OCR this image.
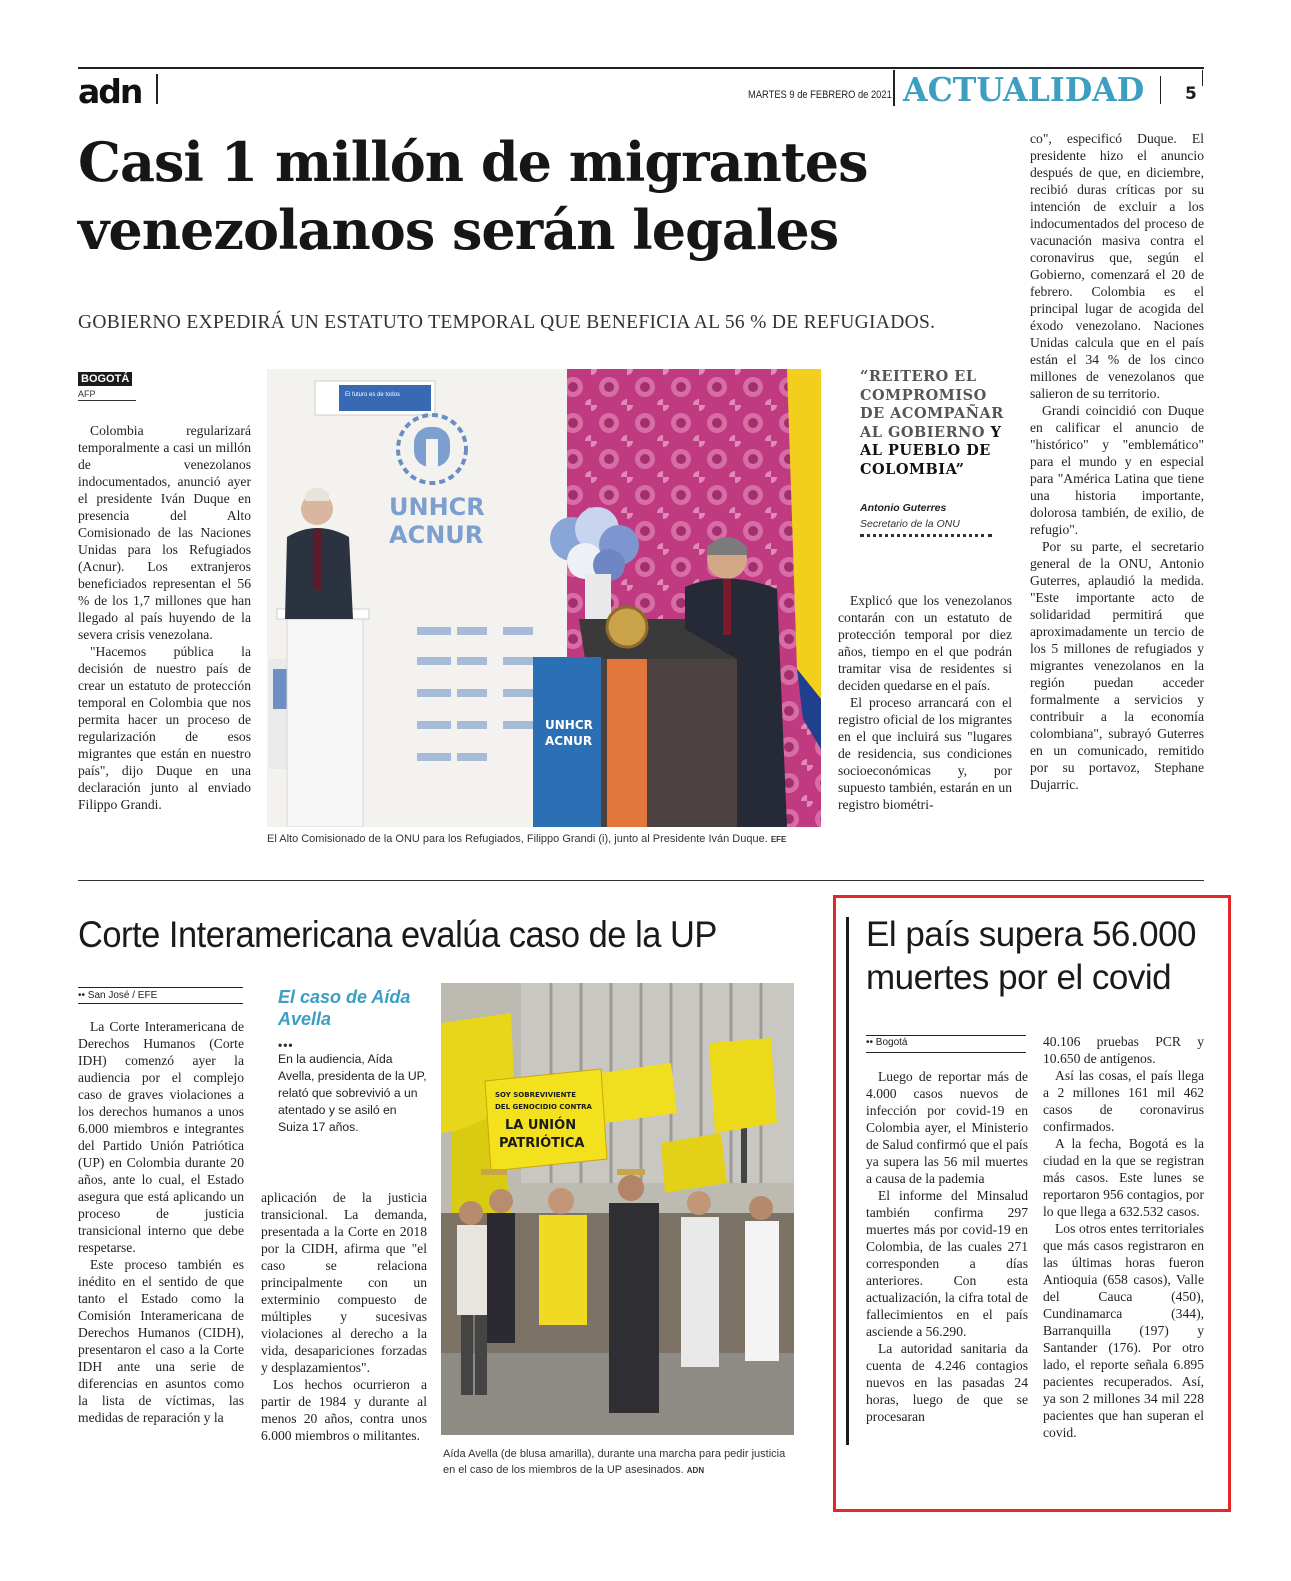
adn	MARTES 9 de FEBRERO de 2021 ACTUALIDAD 5
Casi 1 millón de migrantes
venezolanos serán legales
GOBIERNO EXPEDIRÁ UN ESTATUTO TEMPORAL QUE BENEFICIA AL 56 % DE REFUGIADOS.
BOGOTÁ
AFP

Colombia regularizará temporalmente a casi un millón de venezolanos indocumentados, anunció ayer el presidente Iván Duque en presencia del Alto Comisionado de las Naciones Unidas para los Refugiados (Acnur). Los extranjeros beneficiados representan el 56 % de los 1,7 millones que han llegado al país huyendo de la severa crisis venezolana.

"Hacemos pública la decisión de nuestro país de crear un estatuto de protección temporal en Colombia que nos permita hacer un proceso de regularización de esos migrantes que están en nuestro país", dijo Duque en una declaración junto al enviado Filippo Grandi.

El futuro es de todos
UNHCR
ACNUR
UNHCR
ACNUR
El Alto Comisionado de la ONU para los Refugiados, Filippo Grandi (i), junto al Presidente Iván Duque. EFE
“REITERO EL COMPROMISO DE ACOMPAÑAR AL GOBIERNO Y AL PUEBLO DE COLOMBIA”
Antonio Guterres
Secretario de la ONU

Explicó que los venezolanos contarán con un estatuto de protección temporal por diez años, tiempo en el que podrán tramitar visa de residentes si deciden quedarse en el país.

El proceso arrancará con el registro oficial de los migrantes en el que incluirá sus "lugares de residencia, sus condiciones socioeconómicas y, por supuesto también, estarán en un registro biométri-

co", especificó Duque. El presidente hizo el anuncio después de que, en diciembre, recibió duras críticas por su intención de excluir a los indocumentados del proceso de vacunación masiva contra el coronavirus que, según el Gobierno, comenzará el 20 de febrero. Colombia es el principal lugar de acogida del éxodo venezolano. Naciones Unidas calcula que en el país están el 34 % de los cinco millones de venezolanos que salieron de su territorio.

Grandi coincidió con Duque en calificar el anuncio de "histórico" y "emblemático" para el mundo y en especial para "América Latina que tiene una historia importante, dolorosa también, de exilio, de refugio".

Por su parte, el secretario general de la ONU, Antonio Guterres, aplaudió la medida. "Este importante acto de solidaridad permitirá que aproximadamente un tercio de los 5 millones de refugiados y migrantes venezolanos en la región puedan acceder formalmente a servicios y contribuir a la economía colombiana", subrayó Guterres en un comunicado, remitido por su portavoz, Stephane Dujarric.

Corte Interamericana evalúa caso de la UP
•• San José / EFE

La Corte Interamericana de Derechos Humanos (Corte IDH) comenzó ayer la audiencia por el complejo caso de graves violaciones a los derechos humanos a unos 6.000 miembros e integrantes del Partido Unión Patriótica (UP) en Colombia durante 20 años, ante lo cual, el Estado asegura que está aplicando un proceso de justicia transicional interno que debe respetarse.

Este proceso también es inédito en el sentido de que tanto el Estado como la Comisión Interamericana de Derechos Humanos (CIDH), presentaron el caso a la Corte IDH ante una serie de diferencias en asuntos como la lista de víctimas, las medidas de reparación y la

aplicación de la justicia transicional. La demanda, presentada a la Corte en 2018 por la CIDH, afirma que "el caso se relaciona principalmente con un exterminio compuesto de múltiples y sucesivas violaciones al derecho a la vida, desapariciones forzadas y desplazamientos".

Los hechos ocurrieron a partir de 1984 y durante al menos 20 años, contra unos 6.000 miembros o militantes.

El caso de Aída Avella
•••
En la audiencia, Aída Avella, presidenta de la UP, relató que sobrevivió a un atentado y se asiló en Suiza 17 años.
SOY SOBREVIVIENTE
DEL GENOCIDIO CONTRA
LA UNIÓN
PATRIÓTICA
Aída Avella (de blusa amarilla), durante una marcha para pedir justicia en el caso de los miembros de la UP asesinados. ADN
El país supera 56.000 muertes por el covid
•• Bogotá

Luego de reportar más de 4.000 casos nuevos de infección por covid-19 en Colombia ayer, el Ministerio de Salud confirmó que el país ya supera las 56 mil muertes a causa de la pademia

El informe del Minsalud también confirma 297 muertes más por covid-19 en Colombia, de las cuales 271 corresponden a días anteriores. Con esta actualización, la cifra total de fallecimientos en el país asciende a 56.290.

La autoridad sanitaria da cuenta de 4.246 contagios nuevos en las pasadas 24 horas, luego de que se procesaran

40.106 pruebas PCR y 10.650 de antígenos.

Así las cosas, el país llega a 2 millones 161 mil 462 casos de coronavirus confirmados.

A la fecha, Bogotá es la ciudad en la que se registran más casos. Este lunes se reportaron 956 contagios, por lo que llega a 632.532 casos.

Los otros entes territoriales que más casos registraron en las últimas horas fueron Antioquia (658 casos), Valle del Cauca (450), Cundinamarca (344), Barranquilla (197) y Santander (176). Por otro lado, el reporte señala 6.895 pacientes recuperados. Así, ya son 2 millones 34 mil 228 pacientes que han superan el covid.
